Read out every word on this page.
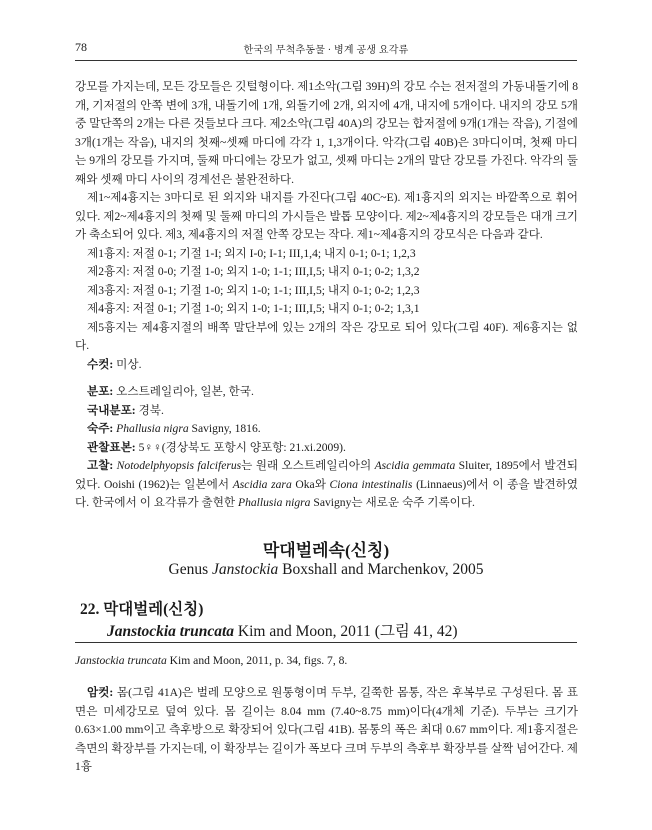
78	한국의 무척추동물 · 병계 공생 요각류

강모를 가지는데, 모든 강모들은 깃털형이다. 제1소악(그림 39H)의 강모 수는 전저절의 가동내돌기에 8개, 기저절의 안쪽 변에 3개, 내돌기에 1개, 외돌기에 2개, 외지에 4개, 내지에 5개이다. 내지의 강모 5개 중 말단쪽의 2개는 다른 것들보다 크다. 제2소악(그림 40A)의 강모는 합저절에 9개(1개는 작음), 기절에 3개(1개는 작음), 내지의 첫째~셋째 마디에 각각 1, 1,3개이다. 악각(그림 40B)은 3마디이며, 첫째 마디는 9개의 강모를 가지며, 둘째 마디에는 강모가 없고, 셋째 마디는 2개의 말단 강모를 가진다. 악각의 둘째와 셋째 마디 사이의 경계선은 불완전하다.

제1~제4흉지는 3마디로 된 외지와 내지를 가진다(그림 40C~E). 제1흉지의 외지는 바깥쪽으로 휘어 있다. 제2~제4흉지의 첫째 및 둘째 마디의 가시들은 발톱 모양이다. 제2~제4흉지의 강모들은 대개 크기가 축소되어 있다. 제3, 제4흉지의 저절 안쪽 강모는 작다. 제1~제4흉지의 강모식은 다음과 같다.

제1흉지: 저절 0-1; 기절 1-I; 외지 I-0; I-1; III,1,4; 내지 0-1; 0-1; 1,2,3

제2흉지: 저절 0-0; 기절 1-0; 외지 1-0; 1-1; III,I,5; 내지 0-1; 0-2; 1,3,2

제3흉지: 저절 0-1; 기절 1-0; 외지 1-0; 1-1; III,I,5; 내지 0-1; 0-2; 1,2,3

제4흉지: 저절 0-1; 기절 1-0; 외지 1-0; 1-1; III,I,5; 내지 0-1; 0-2; 1,3,1

제5흉지는 제4흉지절의 배쪽 말단부에 있는 2개의 작은 강모로 되어 있다(그림 40F). 제6흉지는 없다.

수컷: 미상.

분포: 오스트레일리아, 일본, 한국.

국내분포: 경북.

숙주: Phallusia nigra Savigny, 1816.

관찰표본: 5♀♀(경상북도 포항시 양포항: 21.xi.2009).

고찰: Notodelphyopsis falciferus는 원래 오스트레일리아의 Ascidia gemmata Sluiter, 1895에서 발견되었다. Ooishi (1962)는 일본에서 Ascidia zara Oka와 Ciona intestinalis (Linnaeus)에서 이 종을 발견하였다. 한국에서 이 요각류가 출현한 Phallusia nigra Savigny는 새로운 숙주 기록이다.

막대벌레속(신칭)
Genus Janstockia Boxshall and Marchenkov, 2005
22. 막대벌레(신칭)
Janstockia truncata Kim and Moon, 2011 (그림 41, 42)
Janstockia truncata Kim and Moon, 2011, p. 34, figs. 7, 8.

암컷: 몸(그림 41A)은 벌레 모양으로 원통형이며 두부, 길쭉한 몸통, 작은 후복부로 구성된다. 몸 표면은 미세강모로 덮여 있다. 몸 길이는 8.04 mm (7.40~8.75 mm)이다(4개체 기준). 두부는 크기가 0.63×1.00 mm이고 측후방으로 확장되어 있다(그림 41B). 몸통의 폭은 최대 0.67 mm이다. 제1흉지절은 측면의 확장부를 가지는데, 이 확장부는 길이가 폭보다 크며 두부의 측후부 확장부를 살짝 넘어간다. 제1흉
